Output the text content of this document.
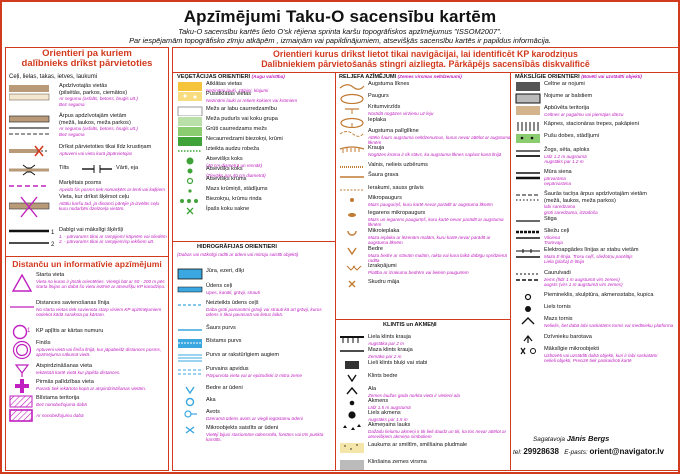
Apzīmējumi Taku-O sacensību kartēm
Taku-O sacensību kartēs lieto O'sk rējiena sprinta karšu topogrāfiskos apzīmējumus "ISSOM2007".
Par iespējamām topogrāfisko zīmju atkāpēm , izmaiņām vai papildinājumiem, atsevišķās sacensību kartēs ir papildus informācija.
Orientieri pa kuriem
dalībnieks drīkst pārvietoties
Ceļi, lielas, takas, ietves, laukumi
Apdzīvotajās vietās
(pilsētās, parkos, ciemātos)
Ar segumu (asfalts, betons, bruģis utt.)
Bez seguma
Ārpus apdzīvotajām vietām
(mežā, laukos, meža parkos)
Ar segumu (asfalts, betons, bruģis utt.)
Bez seguma
Drīkst pārvietoties tikai līdz krustiņam
Aptuveni vai vietu kurā jāpārvietojas
Tilts	Vārti, eja
Marķētais posms
Apvidū šis posms tiek nomarķēts ar lenti vai kaļķiem
Vieta, kur drīkst šķērsot ceļu
Attālu karšu tad, ja distanci pārējie jā-izvēlās ceļu kuru nodarbīni dzelzceļa vietām.
1
2
Dablgi vai mākslīgi šķēršļi
1. - pārvarams tikai ar rampjiem/ kāpnēm vai sliedēm
2. - pārvarams tikai ar rampjiem/sp iekšiem utt.
Distanču un informatīvie apzīmējumi
Starta vieta
Vieta no kuras ir jāsāk orientēties. Vienīgi būt ar 50 - 200 m pēc starta līnijas un dabā šo vietu iezīmē ar atsevišķu KP karodziņu.
Distances savienošanas līnija
No starta vietas tiek savienota starp visiem KP apzīmējumiem notiekot kādā saraksta pa kārtam.
1 KP apļītis ar kārtas numuru
Finišs
Aptuveni vietā vai finiša līnijā, kur jāpabeidz distances posms, apzīmējuma sākumā vietā.
Atspirdzināšanas vieta
Iekārtotā kartē vietā kur jāpilda distances.
Pirmās palīdzības vieta
Parasti tiek iekārtota kopā ar atspirdzināšanas vietām.
Blīstama teritorija
Bez nonobežojuma dabā
Ar nonobežojumu dabā
Orientieri kurus drīkst lietot tikai navigācijai, lai identificēt KP karodziņus
Dalībniekiem pārvietošanās stingri aizliegta. Pārkāpējs sacensībās diskvalificē
VEĢETĀCIJAS ORIENTIERI (Augu valstība)
Atklātas vietas
Nezināmi lauki, zāļaini, klajumi
Pusatklātas vietas
Nezināmi lauki ar retiem kokiem vai krūmiem
Mežs ar labu caurredzamību
Meža pudurīs vai koku grupa
Grūti caurredzams mežs
Necaurredzami biezokņi, krūmi
Izteikta audzu robeža
Atsevišķs koks
(40 cm diametrā un resnāk)
Atsevišķs koks
(Tievāks par 40 cm diametrā)
Atsevišķs krūms
Mazs krūmiņš, stādījums
Biezokņu, krūmu rinda
Īpašs koku sakne
HIDROGRĀFIJAS ORIENTIERI
(Dabas vai mākslīgi radīti ar ūdeni vai mitrūju saistīti objekti)
Jūra, ezeri, dīķi
Ūdens ceļi
Upes, kanāli, grāvji, strauti
Neizteikts ūdens ceļš
Daba grūti pamanāmi grāvji vai strauti kā arī grāvji, kuros ūdens ir tikai pavasarā vai lietus laikā.
Šaurs purvs
Bīstams purvs
Purvs ar rakstūrīgiem augiem
Purvains apvidus
Pārpurvota vieta vai ar epizodiski iz mitra zeme
Bedre ar ūdeni
Aka
Avots
Dzeramā ūdens avots ar viegli iegūstamu ūdeni
Mikroobjekts saistīts ar ūdeni
Vietēji bijusi staciomāre ūdensmīla, fontāns vai trīs punkta karstīts.
RELJEFA AZĪMĒJUMI (Zemes virsmas nelīdzenumi)
Augstuma līknes
Paugurs
Kritumvirzīds
Norādā nogāzes virzienu uz leju
Ieplaka
Augstuma palīglīkne
Attēlo šaurs augstuma nelīdzenumus, kurus nevar attēlot ar augstuma līknēm
Krauja
Nogāzes krūma ir tik stāvs, ka augstuma līknes saplust kanā līnijā
Valnis, nelieis uzbērums
Šaura grava
Ierakumi, sauss grāvis
Mikropaugurs
Mazs pauguriņš, kuru kartē nevar parādīt ar augstuma līknēm
Iegarens mikropaugurs
Mazs un iegarens paugurīņš, kuru kartē nevar parādīt ar augstuma līknēm
Mikroieplaka
Maza ieplaka ar lēzenām malām, kuru kartē nevar parādīt ar augstuma līknēm
Bedre
Maza bedre ar stāvām malām, rakta vai kara laikā dabīgu spridzienā radīta
Izrakņājumi
Platība ar izrakuma bedrēm vai lieleim paugurīem
Skudru māja
KLINTIS un AKMEŅI
Liela klints krauja
Augstāka par 2 m
Maza klints krauja
Zemāka par 2 m
Lieli klints bluķi vai stabi
Klints bedre
Ala
Zemes laužas gada norkta vieta ir vietieni ala
Akmens
Līdz 1.5 m augstumā
Liels akmens
Augstāks par 1.5 m
Akmeņains lauks
Dažādu lielumu akmeņi ir tik lieli daudz un tik, ka tos nevar attēlot ar atsevišķiem akmeņa simboliem
Laukums ar smiltīm, smilšaina pludmale
Klinšaina zemes virsma
MĀKSLĪGIE ORIENTIERI (Būvēti vai uzstādīti objekti)
Celtne ar nojumi
Nojume ar balstiem
Apbūvēta teritorija
Celtnes ar pagalmu vai piemājas dārzu
Kāpnes, stacionāras trepes, pakāpieni
Pušu dobes, stādījumi
Žogs, sēta, aploks
Līdz 1.2 m augstumā
Augstāks par 1.2 m
Mūra siena
pārvarāma
nepārvarāma
Šaurās tacīņa ārpus apdzīvotajām vietām
(mežā, laukos, meža parkos)
labi saredzama
grūti saredzama, izzūdoša
Stiga
Sliežu ceļi
Vilciena
Tramvaja
Elektroapgādes līnijas ar stabu vietām
Maza E-līnija. Trosu ceļš, sliežotņu pacēlājs
Liela (plaša) E-līnija
Caurulvadi
zems (līdz 1 m augstumā virs zemes)
augsts (virs 1 m augstumā virs zemes)
Piemineklis, skulptūra, akmensstabs, kupica
Liels tornis
Mazs tornis
Nelielis, bet dabā labi saskatāms tornis vai medīnieku platforma
Dzīvnieku barotava
Mākslīgie mikroobjekti
Uzbūvēti vai uzstādīti dabā objekti, kuri ir labi saskatāmi
nelieli objekti, Precizē tiek paskaidroti kartē
Sagatavoja Jānis Bergs
tel: 29928638 E-pasts: orient@navigator.lv
